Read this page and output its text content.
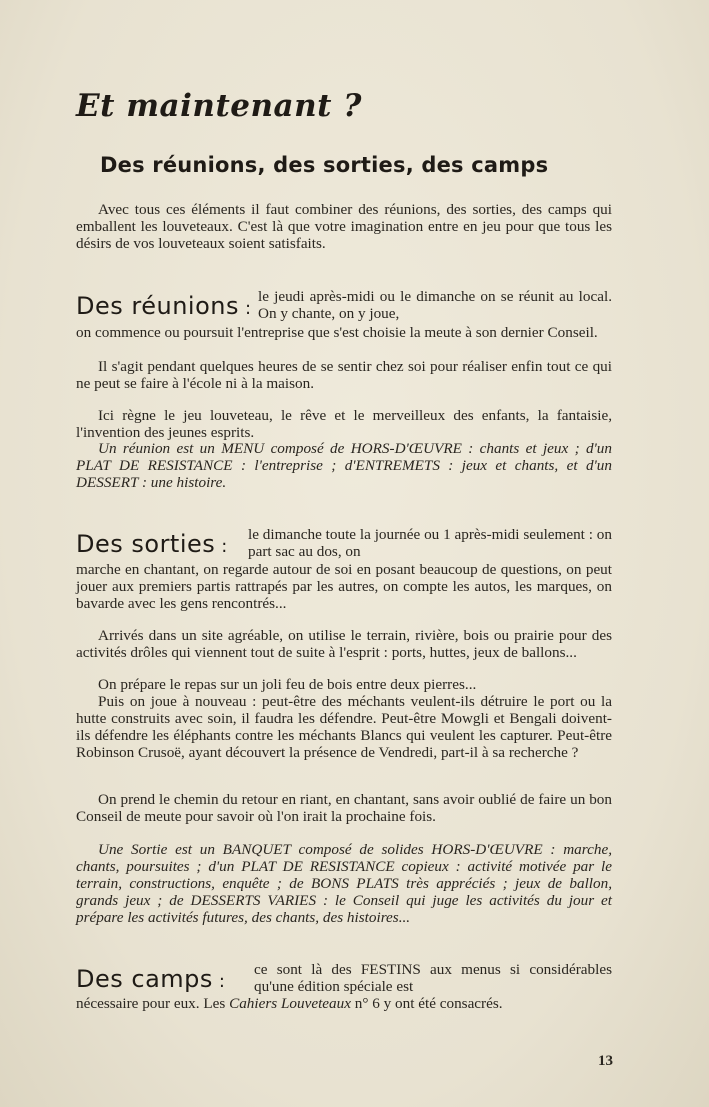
Et maintenant ?
Des réunions, des sorties, des camps

Avec tous ces éléments il faut combiner des réunions, des sorties, des camps qui emballent les louveteaux. C'est là que votre imagination entre en jeu pour que tous les désirs de vos louveteaux soient satisfaits.

Des réunions :

le jeudi après-midi ou le dimanche on se réunit au local. On y chante, on y joue,

on commence ou poursuit l'entreprise que s'est choisie la meute à son dernier Conseil.

Il s'agit pendant quelques heures de se sentir chez soi pour réaliser enfin tout ce qui ne peut se faire à l'école ni à la maison.

Ici règne le jeu louveteau, le rêve et le merveilleux des enfants, la fantaisie, l'invention des jeunes esprits.

Un réunion est un MENU composé de HORS-D'ŒUVRE : chants et jeux ; d'un PLAT DE RESISTANCE : l'entreprise ; d'ENTREMETS : jeux et chants, et d'un DESSERT : une histoire.

Des sorties :

le dimanche toute la journée ou 1 après-midi seulement : on part sac au dos, on

marche en chantant, on regarde autour de soi en posant beaucoup de questions, on peut jouer aux premiers partis rattrapés par les autres, on compte les autos, les marques, on bavarde avec les gens rencontrés...

Arrivés dans un site agréable, on utilise le terrain, rivière, bois ou prairie pour des activités drôles qui viennent tout de suite à l'esprit : ports, huttes, jeux de ballons...

On prépare le repas sur un joli feu de bois entre deux pierres...

Puis on joue à nouveau : peut-être des méchants veulent-ils détruire le port ou la hutte construits avec soin, il faudra les défendre. Peut-être Mowgli et Bengali doivent-ils défendre les éléphants contre les méchants Blancs qui veulent les capturer. Peut-être Robinson Crusoë, ayant découvert la présence de Vendredi, part-il à sa recherche ?

On prend le chemin du retour en riant, en chantant, sans avoir oublié de faire un bon Conseil de meute pour savoir où l'on irait la prochaine fois.

Une Sortie est un BANQUET composé de solides HORS-D'ŒUVRE : marche, chants, poursuites ; d'un PLAT DE RESISTANCE copieux : activité motivée par le terrain, constructions, enquête ; de BONS PLATS très appréciés ; jeux de ballon, grands jeux ; de DESSERTS VARIES : le Conseil qui juge les activités du jour et prépare les activités futures, des chants, des histoires...

Des camps :

ce sont là des FESTINS aux menus si considérables qu'une édition spéciale est

nécessaire pour eux. Les Cahiers Louveteaux n° 6 y ont été consacrés.

13
